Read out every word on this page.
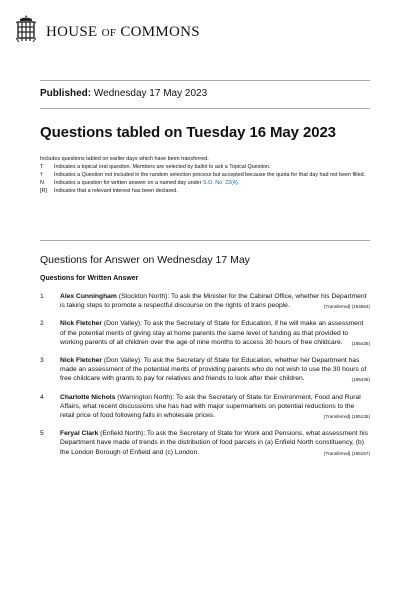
HOUSE OF COMMONS
Published: Wednesday 17 May 2023
Questions tabled on Tuesday 16 May 2023
Includes questions tabled on earlier days which have been transferred.
T	Indicates a topical oral question. Members are selected by ballot to ask a Topical Question.
†	Indicates a Question not included in the random selection process but accepted because the quota for that day had not been filled.
N	Indicates a question for written answer on a named day under S.O. No. 22(4).
[R]	Indicates that a relevant interest has been declared.
Questions for Answer on Wednesday 17 May
Questions for Written Answer
1	Alex Cunningham (Stockton North): To ask the Minister for the Cabinet Office, whether his Department is taking steps to promote a respectful discourse on the rights of trans people.	[Transferred] (184964)
2	Nick Fletcher (Don Valley): To ask the Secretary of State for Education, if he will make an assessment of the potential merits of giving stay at home parents the same level of funding as that provided to working parents of all children over the age of nine months to access 30 hours of free childcare.	(185435)
3	Nick Fletcher (Don Valley): To ask the Secretary of State for Education, whether her Department has made an assessment of the potential merits of providing parents who do not wish to use the 30 hours of free childcare with grants to pay for relatives and friends to look after their children.	(185436)
4	Charlotte Nichols (Warrington North): To ask the Secretary of State for Environment, Food and Rural Affairs, what recent discussions she has had with major supermarkets on potential reductions to the retail price of food following falls in wholesale prices.	[Transferred] (185135)
5	Feryal Clark (Enfield North): To ask the Secretary of State for Work and Pensions, what assessment his Department have made of trends in the distribution of food parcels in (a) Enfield North constituency, (b) the London Borough of Enfield and (c) London.	[Transferred] (185157)
